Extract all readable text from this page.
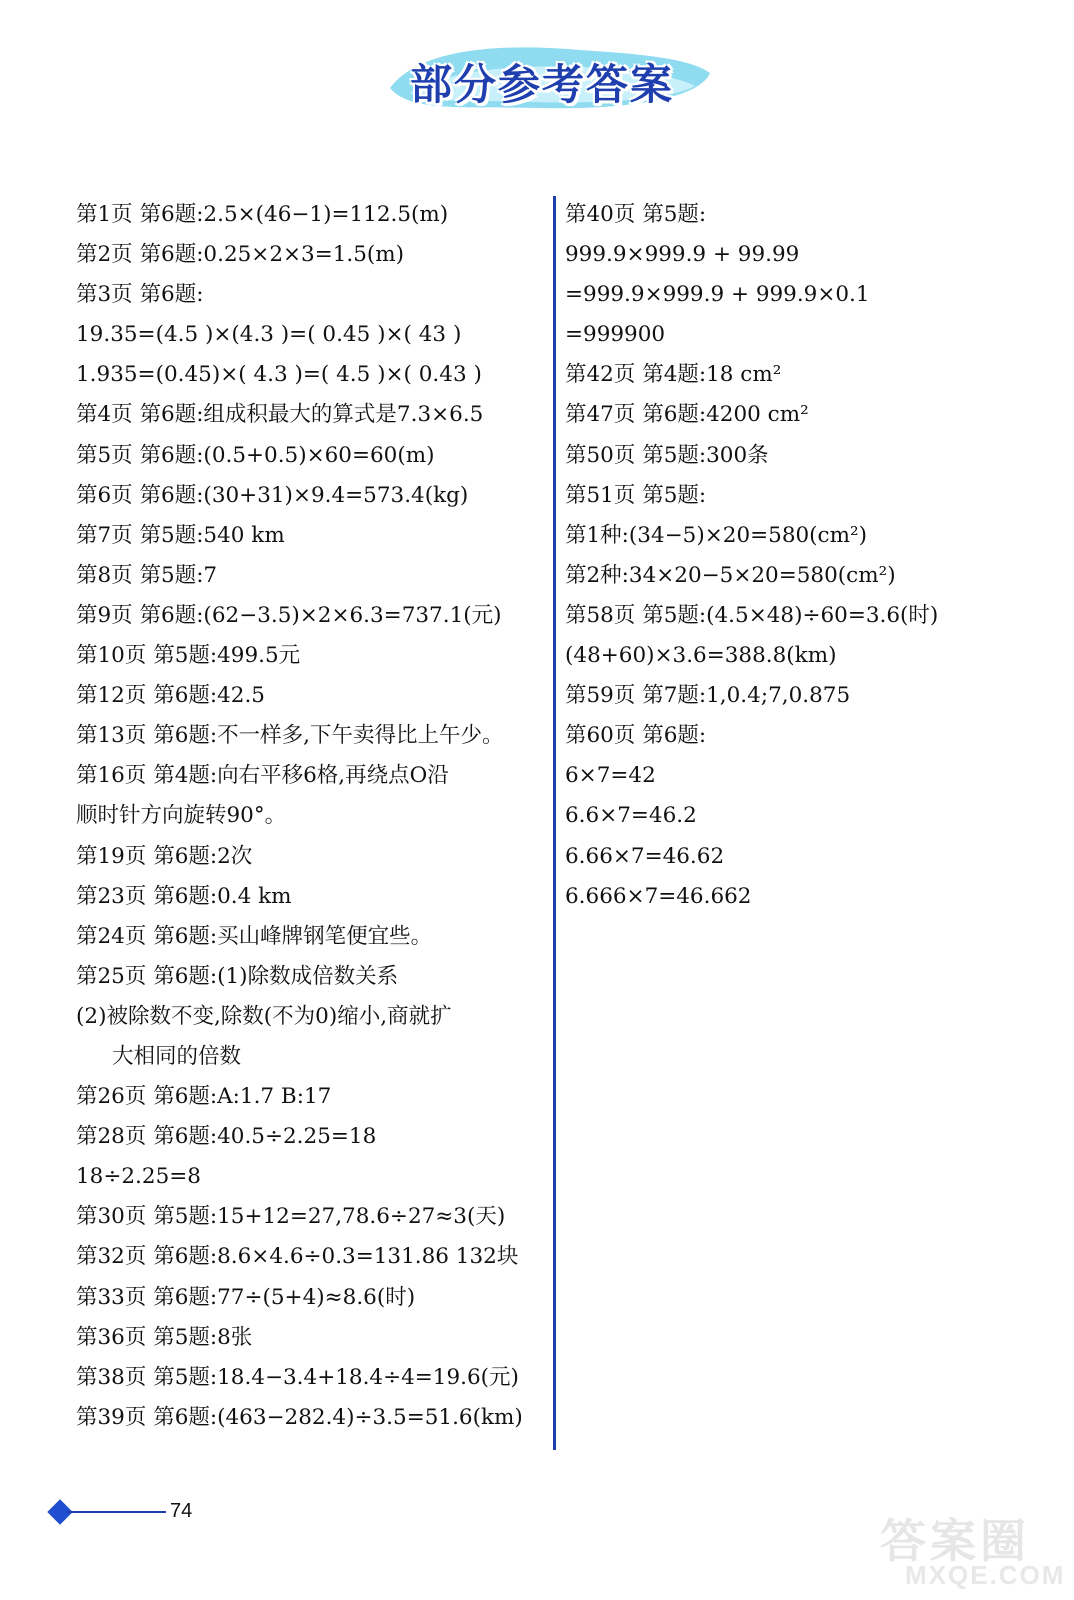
部分参考答案
第1页 第6题:2.5×(46−1)=112.5(m)
第2页 第6题:0.25×2×3=1.5(m)
第3页 第6题:
19.35=(4.5 )×(4.3 )=( 0.45 )×( 43 )
1.935=(0.45)×( 4.3 )=( 4.5 )×( 0.43 )
第4页 第6题:组成积最大的算式是7.3×6.5
第5页 第6题:(0.5+0.5)×60=60(m)
第6页 第6题:(30+31)×9.4=573.4(kg)
第7页 第5题:540 km
第8页 第5题:7
第9页 第6题:(62−3.5)×2×6.3=737.1(元)
第10页 第5题:499.5元
第12页 第6题:42.5
第13页 第6题:不一样多,下午卖得比上午少。
第16页 第4题:向右平移6格,再绕点O沿
顺时针方向旋转90°。
第19页 第6题:2次
第23页 第6题:0.4 km
第24页 第6题:买山峰牌钢笔便宜些。
第25页 第6题:(1)除数成倍数关系
(2)被除数不变,除数(不为0)缩小,商就扩
大相同的倍数
第26页 第6题:A:1.7 B:17
第28页 第6题:40.5÷2.25=18
18÷2.25=8
第30页 第5题:15+12=27,78.6÷27≈3(天)
第32页 第6题:8.6×4.6÷0.3=131.86 132块
第33页 第6题:77÷(5+4)≈8.6(时)
第36页 第5题:8张
第38页 第5题:18.4−3.4+18.4÷4=19.6(元)
第39页 第6题:(463−282.4)÷3.5=51.6(km)
第40页 第5题:
999.9×999.9 + 99.99
=999.9×999.9 + 999.9×0.1
=999900
第42页 第4题:18 cm²
第47页 第6题:4200 cm²
第50页 第5题:300条
第51页 第5题:
第1种:(34−5)×20=580(cm²)
第2种:34×20−5×20=580(cm²)
第58页 第5题:(4.5×48)÷60=3.6(时)
(48+60)×3.6=388.8(km)
第59页 第7题:1,0.4;7,0.875
第60页 第6题:
6×7=42
6.6×7=46.2
6.66×7=46.62
6.666×7=46.662
74
答案圈
MXQE.COM
